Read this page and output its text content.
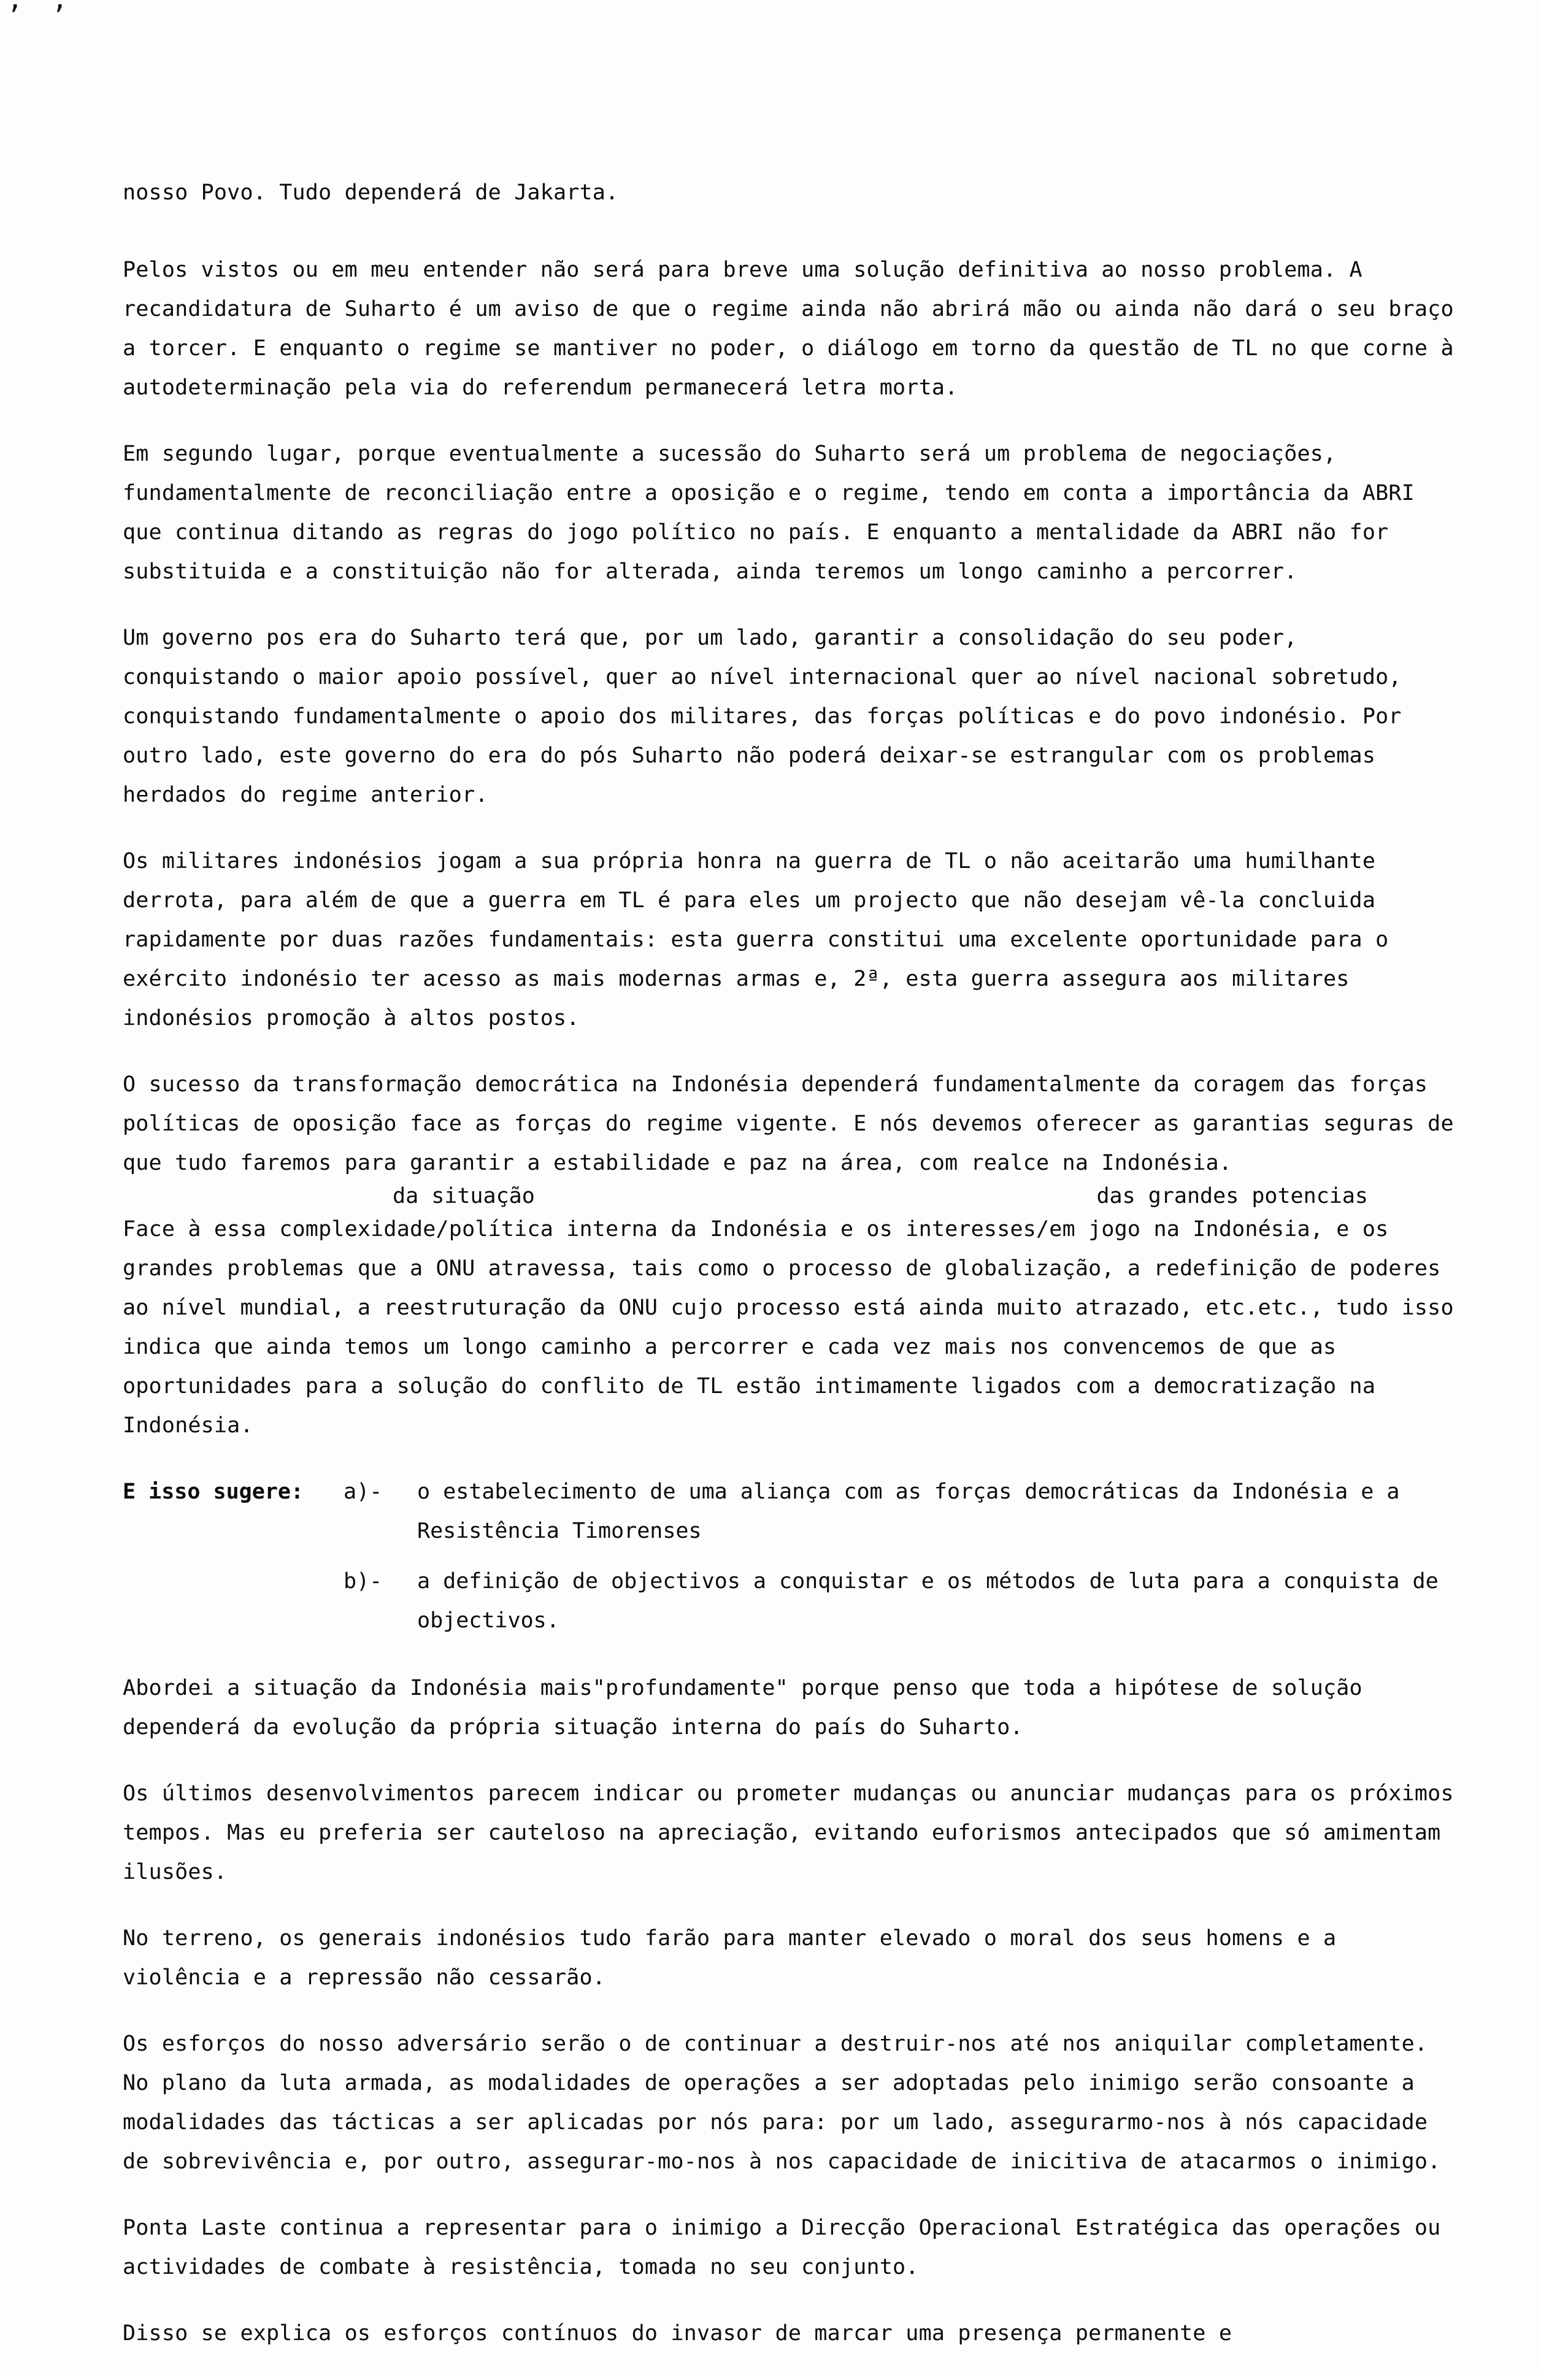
’ ʼ

nosso Povo. Tudo dependerá de Jakarta.

Pelos vistos ou em meu entender não será para breve uma solução definitiva ao nosso problema. A recandidatura de Suharto é um aviso de que o regime ainda não abrirá mão ou ainda não dará o seu braço a torcer. E enquanto o regime se mantiver no poder, o diálogo em torno da questão de TL no que corne à autodeterminação pela via do referendum permanecerá letra morta.

Em segundo lugar, porque eventualmente a sucessão do Suharto será um problema de negociações, fundamentalmente de reconciliação entre a oposição e o regime, tendo em conta a importância da ABRI que continua ditando as regras do jogo político no país. E enquanto a mentalidade da ABRI não for substituida e a constituição não for alterada, ainda teremos um longo caminho a percorrer.

Um governo pos era do Suharto terá que, por um lado, garantir a consolidação do seu poder, conquistando o maior apoio possível, quer ao nível internacional quer ao nível nacional sobretudo, conquistando fundamentalmente o apoio dos militares, das forças políticas e do povo indonésio. Por outro lado, este governo do era do pós Suharto não poderá deixar-se estrangular com os problemas herdados do regime anterior.

Os militares indonésios jogam a sua própria honra na guerra de TL o não aceitarão uma humilhante derrota, para além de que a guerra em TL é para eles um projecto que não desejam vê-la concluida rapidamente por duas razões fundamentais: esta guerra constitui uma excelente oportunidade para o exército indonésio ter acesso as mais modernas armas e, 2ª, esta guerra assegura aos militares indonésios promoção à altos postos.

O sucesso da transformação democrática na Indonésia dependerá fundamentalmente da coragem das forças políticas de oposição face as forças do regime vigente. E nós devemos oferecer as garantias seguras de que tudo faremos para garantir a estabilidade e paz na área, com realce na Indonésia.

da situação	das grandes potencias

Face à essa complexidade/política interna da Indonésia e os interesses/em jogo na Indonésia, e os grandes problemas que a ONU atravessa, tais como o processo de globalização, a redefinição de poderes ao nível mundial, a reestruturação da ONU cujo processo está ainda muito atrazado, etc.etc., tudo isso indica que ainda temos um longo caminho a percorrer e cada vez mais nos convencemos de que as oportunidades para a solução do conflito de TL estão intimamente ligados com a democratização na Indonésia.

E isso sugere:	a)-	o estabelecimento de uma aliança com as forças democráticas da Indonésia e a Resistência Timorenses
b)-	a definição de objectivos a conquistar e os métodos de luta para a conquista de objectivos.

Abordei a situação da Indonésia mais"profundamente" porque penso que toda a hipótese de solução dependerá da evolução da própria situação interna do país do Suharto.

Os últimos desenvolvimentos parecem indicar ou prometer mudanças ou anunciar mudanças para os próximos tempos. Mas eu preferia ser cauteloso na apreciação, evitando euforismos antecipados que só amimentam ilusões.

No terreno, os generais indonésios tudo farão para manter elevado o moral dos seus homens e a violência e a repressão não cessarão.

Os esforços do nosso adversário serão o de continuar a destruir-nos até nos aniquilar completamente. No plano da luta armada, as modalidades de operações a ser adoptadas pelo inimigo serão consoante a modalidades das tácticas a ser aplicadas por nós para: por um lado, assegurarmo-nos à nós capacidade de sobrevivência e, por outro, assegurar-mo-nos à nos capacidade de inicitiva de atacarmos o inimigo.

Ponta Laste continua a representar para o inimigo a Direcção Operacional Estratégica das operações ou actividades de combate à resistência, tomada no seu conjunto.

Disso se explica os esforços contínuos do invasor de marcar uma presença permanente e
